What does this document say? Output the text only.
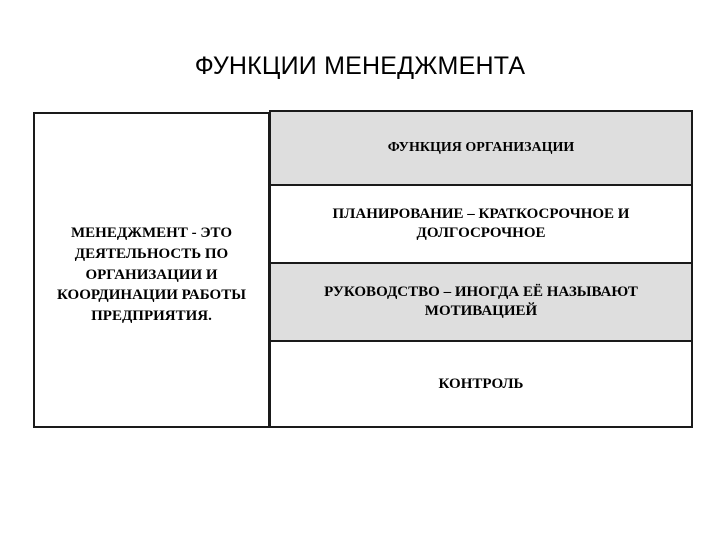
ФУНКЦИИ МЕНЕДЖМЕНТА
МЕНЕДЖМЕНТ - ЭТО ДЕЯТЕЛЬНОСТЬ ПО ОРГАНИЗАЦИИ И КООРДИНАЦИИ РАБОТЫ ПРЕДПРИЯТИЯ.
ФУНКЦИЯ ОРГАНИЗАЦИИ
ПЛАНИРОВАНИЕ – КРАТКОСРОЧНОЕ И ДОЛГОСРОЧНОЕ
РУКОВОДСТВО – ИНОГДА ЕЁ НАЗЫВАЮТ МОТИВАЦИЕЙ
КОНТРОЛЬ
